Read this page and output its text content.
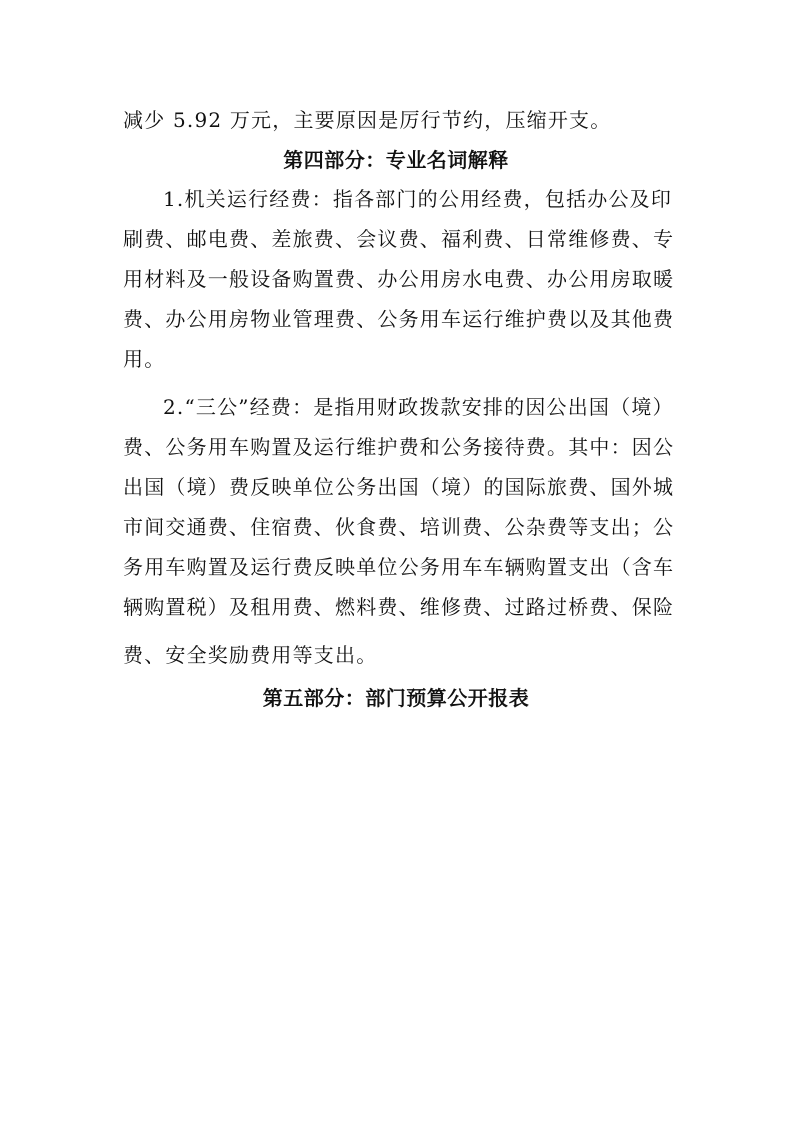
减少 5.92 万元，主要原因是厉行节约，压缩开支。
第四部分：专业名词解释
1.机关运行经费：指各部门的公用经费，包括办公及印
刷费、邮电费、差旅费、会议费、福利费、日常维修费、专
用材料及一般设备购置费、办公用房水电费、办公用房取暖
费、办公用房物业管理费、公务用车运行维护费以及其他费
用。
2.“三公”经费：是指用财政拨款安排的因公出国（境）
费、公务用车购置及运行维护费和公务接待费。其中：因公
出国（境）费反映单位公务出国（境）的国际旅费、国外城
市间交通费、住宿费、伙食费、培训费、公杂费等支出；公
务用车购置及运行费反映单位公务用车车辆购置支出（含车
辆购置税）及租用费、燃料费、维修费、过路过桥费、保险
费、安全奖励费用等支出。
第五部分：部门预算公开报表
